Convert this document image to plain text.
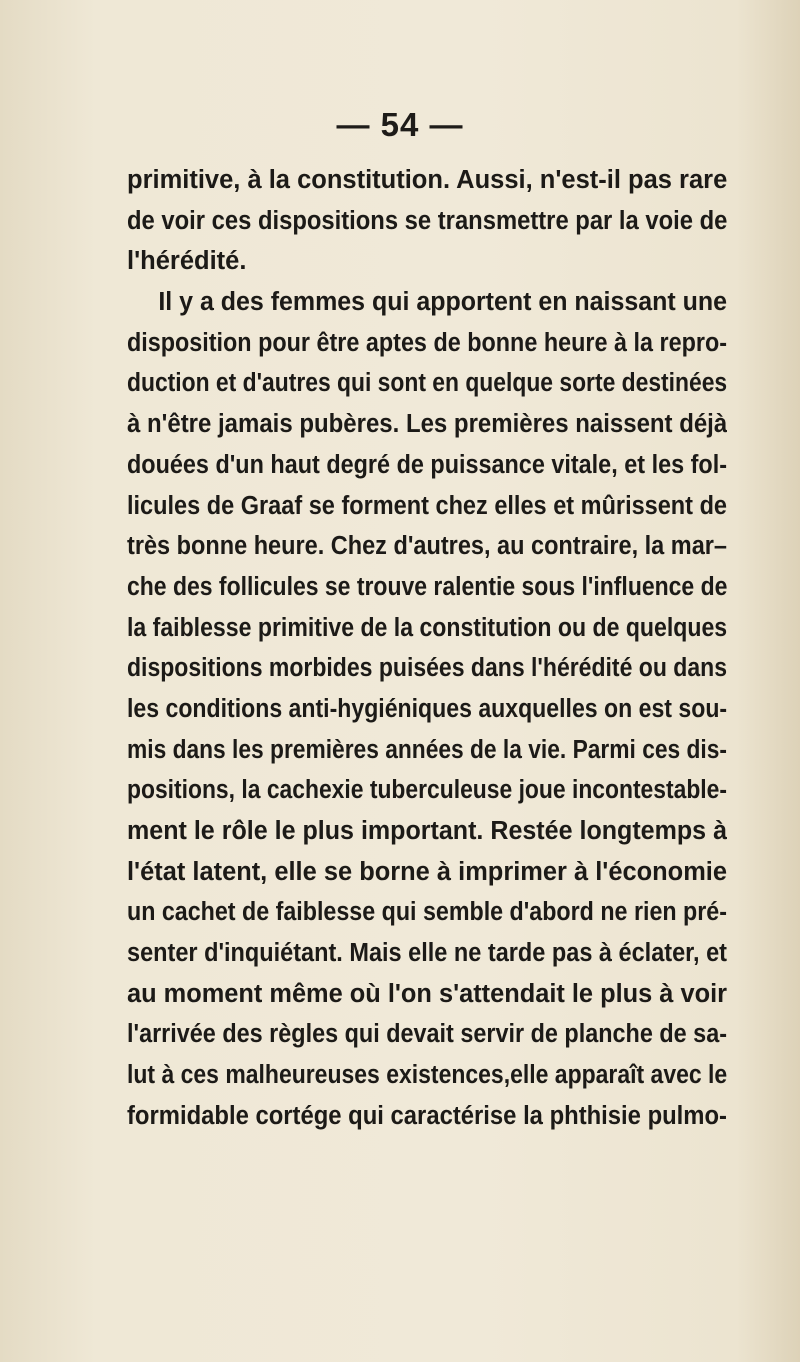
— 54 —
primitive, à la constitution. Aussi, n'est-il pas rare
de voir ces dispositions se transmettre par la voie de
l'hérédité.
Il y a des femmes qui apportent en naissant une
disposition pour être aptes de bonne heure à la repro-
duction et d'autres qui sont en quelque sorte destinées
à n'être jamais pubères. Les premières naissent déjà
douées d'un haut degré de puissance vitale, et les fol-
licules de Graaf se forment chez elles et mûrissent de
très bonne heure. Chez d'autres, au contraire, la mar–
che des follicules se trouve ralentie sous l'influence de
la faiblesse primitive de la constitution ou de quelques
dispositions morbides puisées dans l'hérédité ou dans
les conditions anti-hygiéniques auxquelles on est sou-
mis dans les premières années de la vie. Parmi ces dis-
positions, la cachexie tuberculeuse joue incontestable-
ment le rôle le plus important. Restée longtemps à
l'état latent, elle se borne à imprimer à l'économie
un cachet de faiblesse qui semble d'abord ne rien pré-
senter d'inquiétant. Mais elle ne tarde pas à éclater, et
au moment même où l'on s'attendait le plus à voir
l'arrivée des règles qui devait servir de planche de sa-
lut à ces malheureuses existences,elle apparaît avec le
formidable cortége qui caractérise la phthisie pulmo-
